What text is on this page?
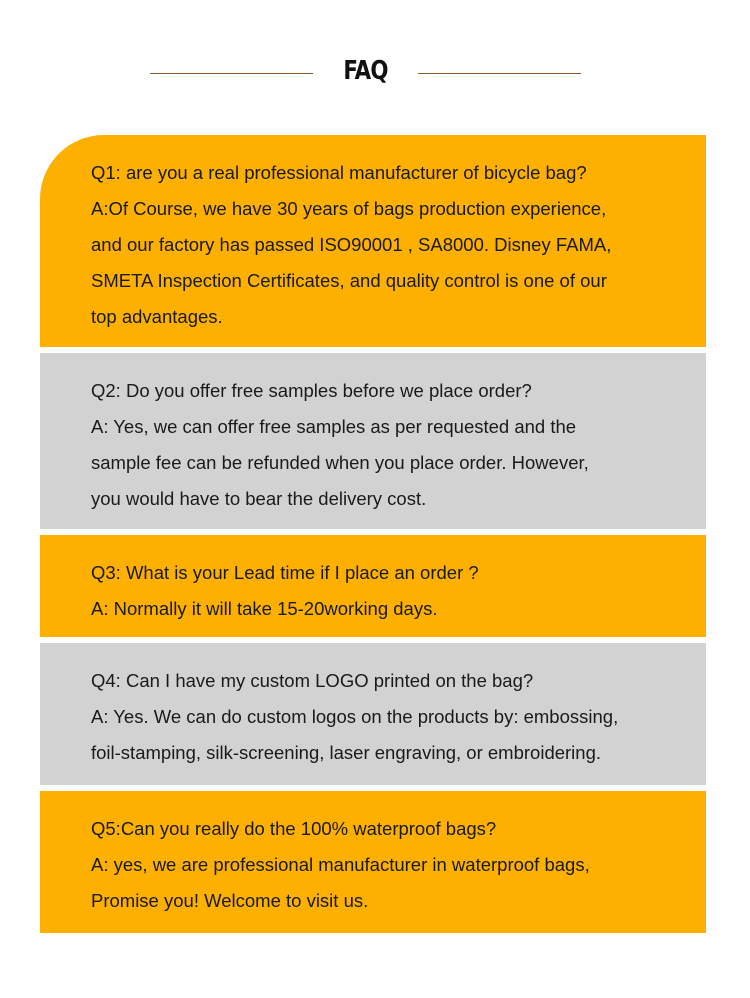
FAQ
Q1: are you a real professional manufacturer of bicycle bag?
A:Of Course, we have 30 years of bags production experience,
and our factory has passed ISO90001 , SA8000. Disney FAMA,
SMETA Inspection Certificates, and quality control is one of our
top advantages.
Q2: Do you offer free samples before we place order?
A: Yes, we can offer free samples as per requested and the
sample fee can be refunded when you place order. However,
you would have to bear the delivery cost.
Q3: What is your Lead time if I place an order ?
A: Normally it will take 15-20working days.
Q4: Can I have my custom LOGO printed on the bag?
A: Yes. We can do custom logos on the products by: embossing,
foil-stamping, silk-screening, laser engraving, or embroidering.
Q5:Can you really do the 100% waterproof bags?
A: yes, we are professional manufacturer in waterproof bags,
Promise you! Welcome to visit us.
